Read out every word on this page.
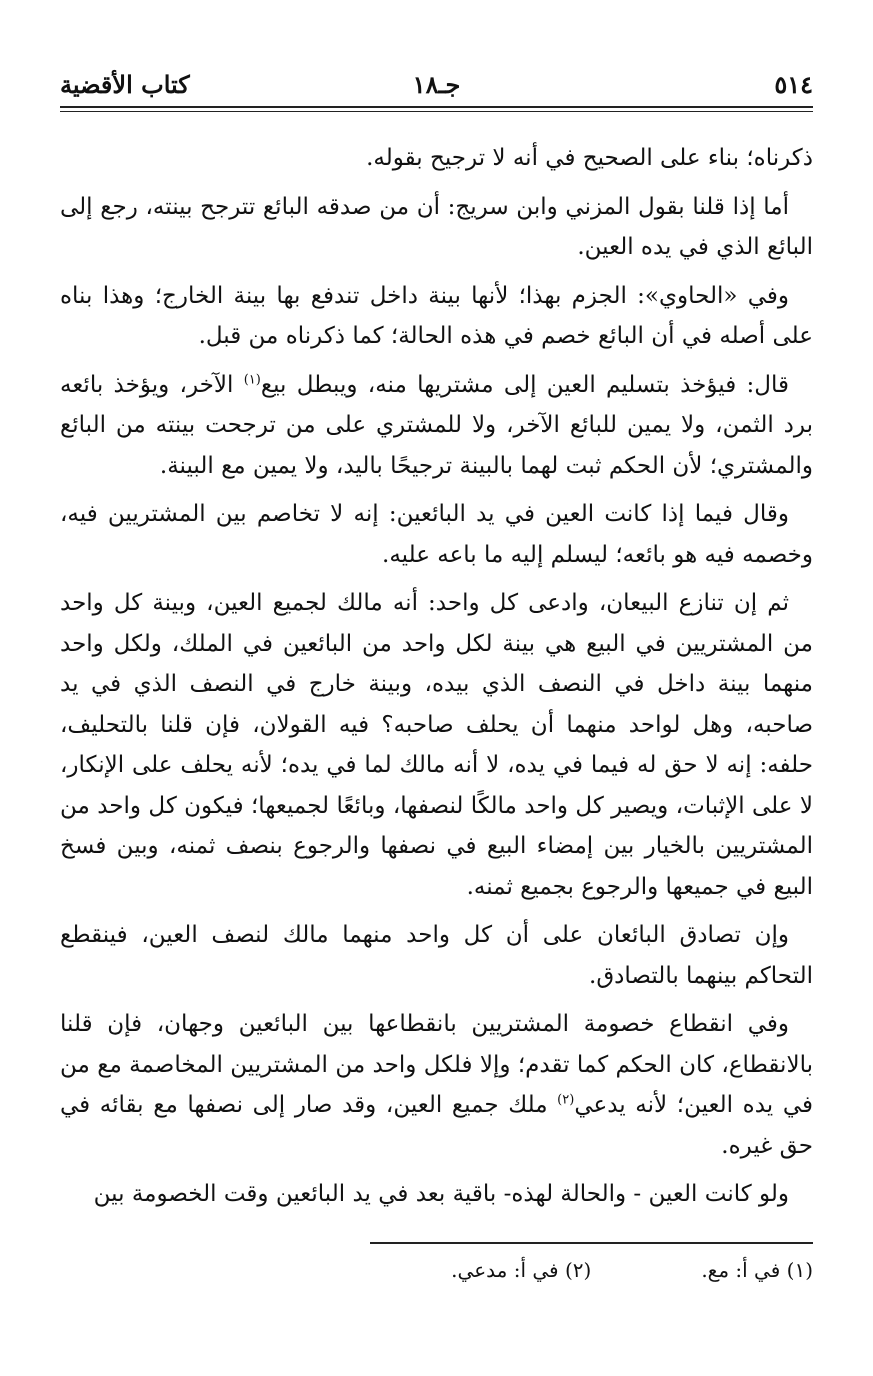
٥١٤
جـ١٨
كتاب الأقضية

ذكرناه؛ بناء على الصحيح في أنه لا ترجيح بقوله.

أما إذا قلنا بقول المزني وابن سريج: أن من صدقه البائع تترجح بينته، رجع إلى البائع الذي في يده العين.

وفي «الحاوي»: الجزم بهذا؛ لأنها بينة داخل تندفع بها بينة الخارج؛ وهذا بناه على أصله في أن البائع خصم في هذه الحالة؛ كما ذكرناه من قبل.

قال: فيؤخذ بتسليم العين إلى مشتريها منه، ويبطل بيع$^{(١)}$ الآخر، ويؤخذ بائعه برد الثمن، ولا يمين للبائع الآخر، ولا للمشتري على من ترجحت بينته من البائع والمشتري؛ لأن الحكم ثبت لهما بالبينة ترجيحًا باليد، ولا يمين مع البينة.

وقال فيما إذا كانت العين في يد البائعين: إنه لا تخاصم بين المشتريين فيه، وخصمه فيه هو بائعه؛ ليسلم إليه ما باعه عليه.

ثم إن تنازع البيعان، وادعى كل واحد: أنه مالك لجميع العين، وبينة كل واحد من المشتريين في البيع هي بينة لكل واحد من البائعين في الملك، ولكل واحد منهما بينة داخل في النصف الذي بيده، وبينة خارج في النصف الذي في يد صاحبه، وهل لواحد منهما أن يحلف صاحبه؟ فيه القولان، فإن قلنا بالتحليف، حلفه: إنه لا حق له فيما في يده، لا أنه مالك لما في يده؛ لأنه يحلف على الإنكار، لا على الإثبات، ويصير كل واحد مالكًا لنصفها، وبائعًا لجميعها؛ فيكون كل واحد من المشتريين بالخيار بين إمضاء البيع في نصفها والرجوع بنصف ثمنه، وبين فسخ البيع في جميعها والرجوع بجميع ثمنه.

وإن تصادق البائعان على أن كل واحد منهما مالك لنصف العين، فينقطع التحاكم بينهما بالتصادق.

وفي انقطاع خصومة المشتريين بانقطاعها بين البائعين وجهان، فإن قلنا بالانقطاع، كان الحكم كما تقدم؛ وإلا فلكل واحد من المشتريين المخاصمة مع من في يده العين؛ لأنه يدعي$^{(٢)}$ ملك جميع العين، وقد صار إلى نصفها مع بقائه في حق غيره.

ولو كانت العين - والحالة لهذه- باقية بعد في يد البائعين وقت الخصومة بين

(١) في أ: مع.
(٢) في أ: مدعي.
